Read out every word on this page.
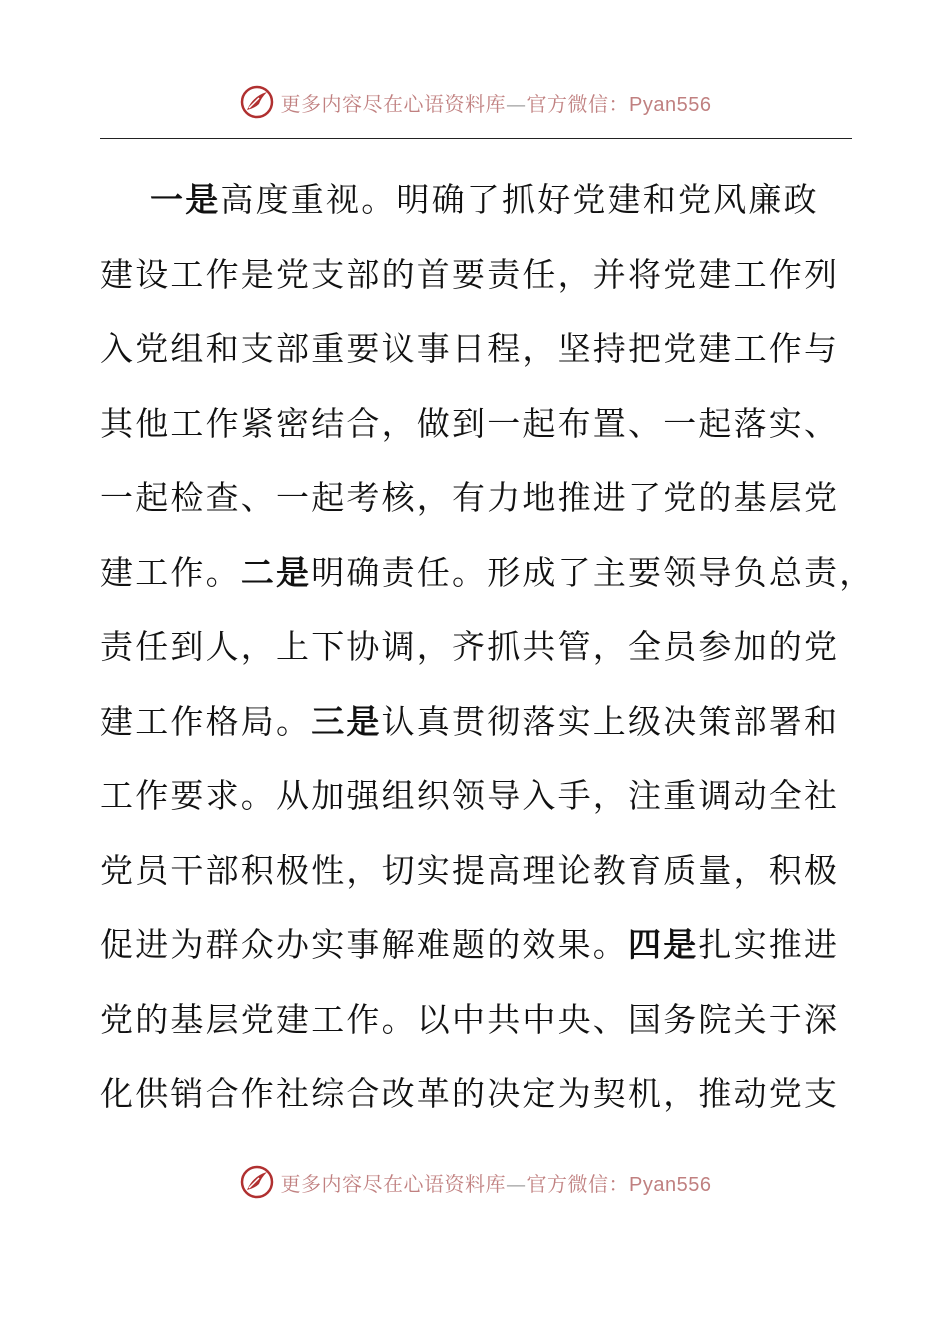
更多内容尽在心语资料库—官方微信：Pyan556
一是高度重视。明确了抓好党建和党风廉政
建设工作是党支部的首要责任，并将党建工作列
入党组和支部重要议事日程，坚持把党建工作与
其他工作紧密结合，做到一起布置、一起落实、
一起检查、一起考核，有力地推进了党的基层党
建工作。二是明确责任。形成了主要领导负总责，
责任到人，上下协调，齐抓共管，全员参加的党
建工作格局。三是认真贯彻落实上级决策部署和
工作要求。从加强组织领导入手，注重调动全社
党员干部积极性，切实提高理论教育质量，积极
促进为群众办实事解难题的效果。四是扎实推进
党的基层党建工作。以中共中央、国务院关于深
化供销合作社综合改革的决定为契机，推动党支
更多内容尽在心语资料库—官方微信：Pyan556
